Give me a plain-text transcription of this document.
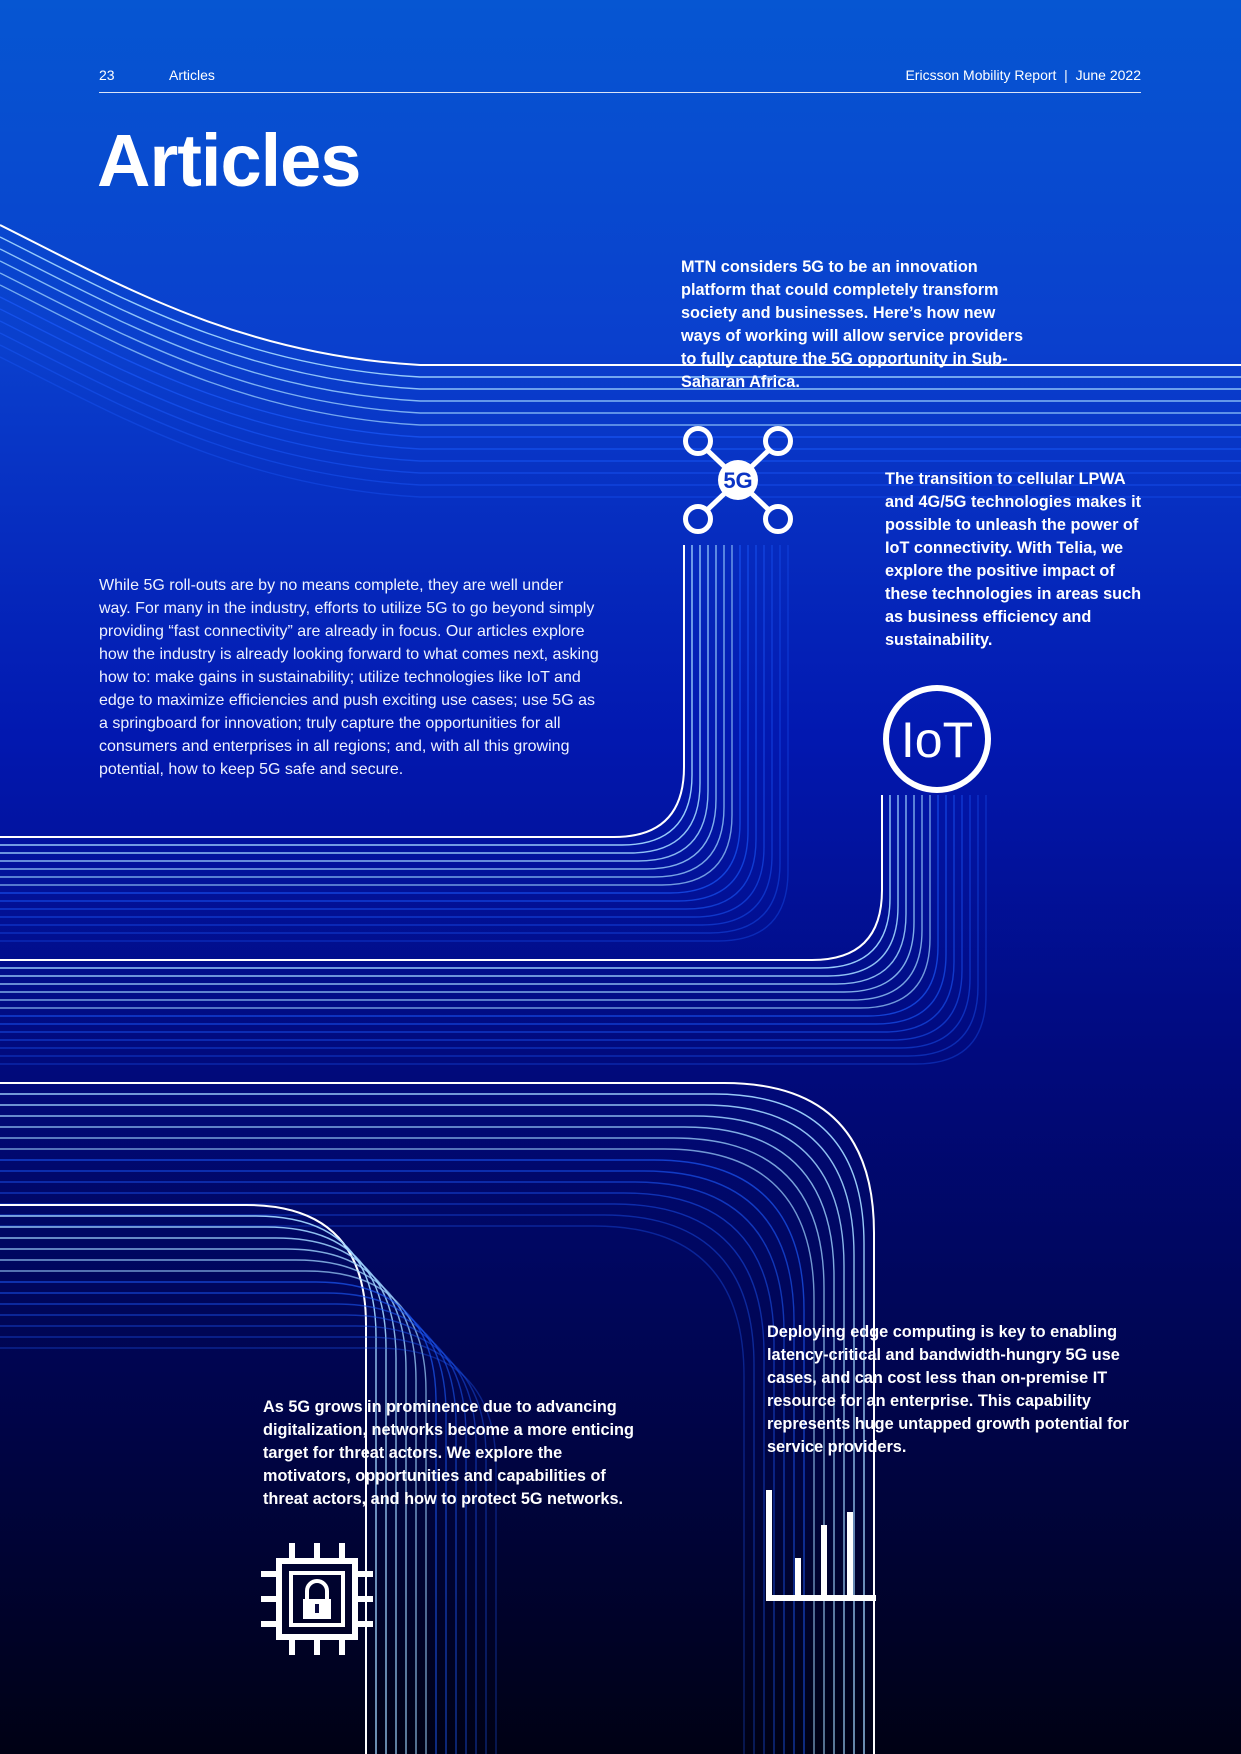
23	Articles	Ericsson Mobility Report  |  June 2022
Articles

While 5G roll-outs are by no means complete, they are well under way. For many in the industry, efforts to utilize 5G to go beyond simply providing “fast connectivity” are already in focus. Our articles explore how the industry is already looking forward to what comes next, asking how to: make gains in sustainability; utilize technologies like IoT and edge to maximize efficiencies and push exciting use cases; use 5G as a springboard for innovation; truly capture the opportunities for all consumers and enterprises in all regions; and, with all this growing potential, how to keep 5G safe and secure.

MTN considers 5G to be an innovation platform that could completely transform society and businesses. Here’s how new ways of working will allow service providers to fully capture the 5G opportunity in Sub-Saharan Africa.

5G	The transition to cellular LPWA and 4G/5G technologies makes it possible to unleash the power of IoT connectivity. With Telia, we explore the positive impact of these technologies in areas such as business efficiency and sustainability.

IoT

Deploying edge computing is key to enabling latency-critical and bandwidth-hungry 5G use cases, and can cost less than on-premise IT resource for an enterprise. This capability represents huge untapped growth potential for service providers.

As 5G grows in prominence due to advancing digitalization, networks become a more enticing target for threat actors. We explore the motivators, opportunities and capabilities of threat actors, and how to protect 5G networks.
